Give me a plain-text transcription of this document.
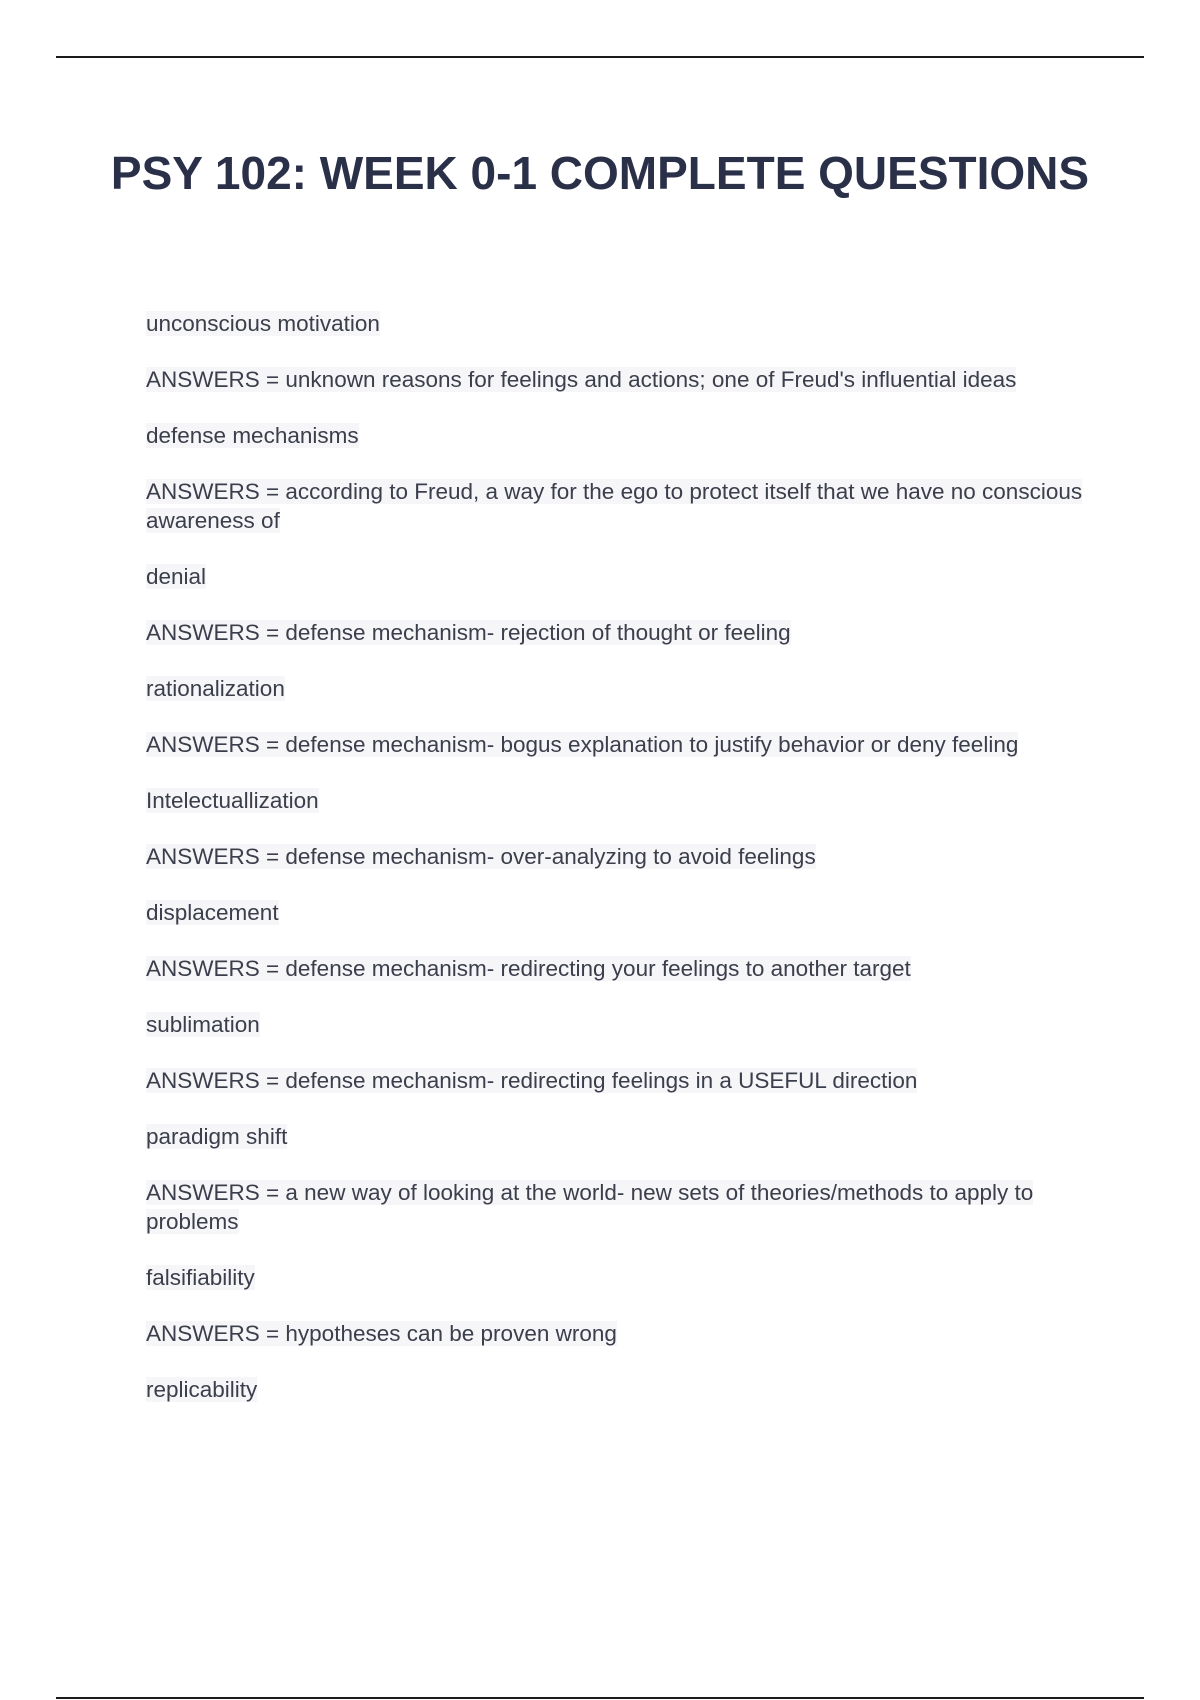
PSY 102: WEEK 0-1 COMPLETE QUESTIONS

unconscious motivation

ANSWERS = unknown reasons for feelings and actions; one of Freud's influential ideas

defense mechanisms

ANSWERS = according to Freud, a way for the ego to protect itself that we have no conscious awareness of

denial

ANSWERS = defense mechanism- rejection of thought or feeling

rationalization

ANSWERS = defense mechanism- bogus explanation to justify behavior or deny feeling

Intelectuallization

ANSWERS = defense mechanism- over-analyzing to avoid feelings

displacement

ANSWERS = defense mechanism- redirecting your feelings to another target

sublimation

ANSWERS = defense mechanism- redirecting feelings in a USEFUL direction

paradigm shift

ANSWERS = a new way of looking at the world- new sets of theories/methods to apply to problems

falsifiability

ANSWERS = hypotheses can be proven wrong

replicability
